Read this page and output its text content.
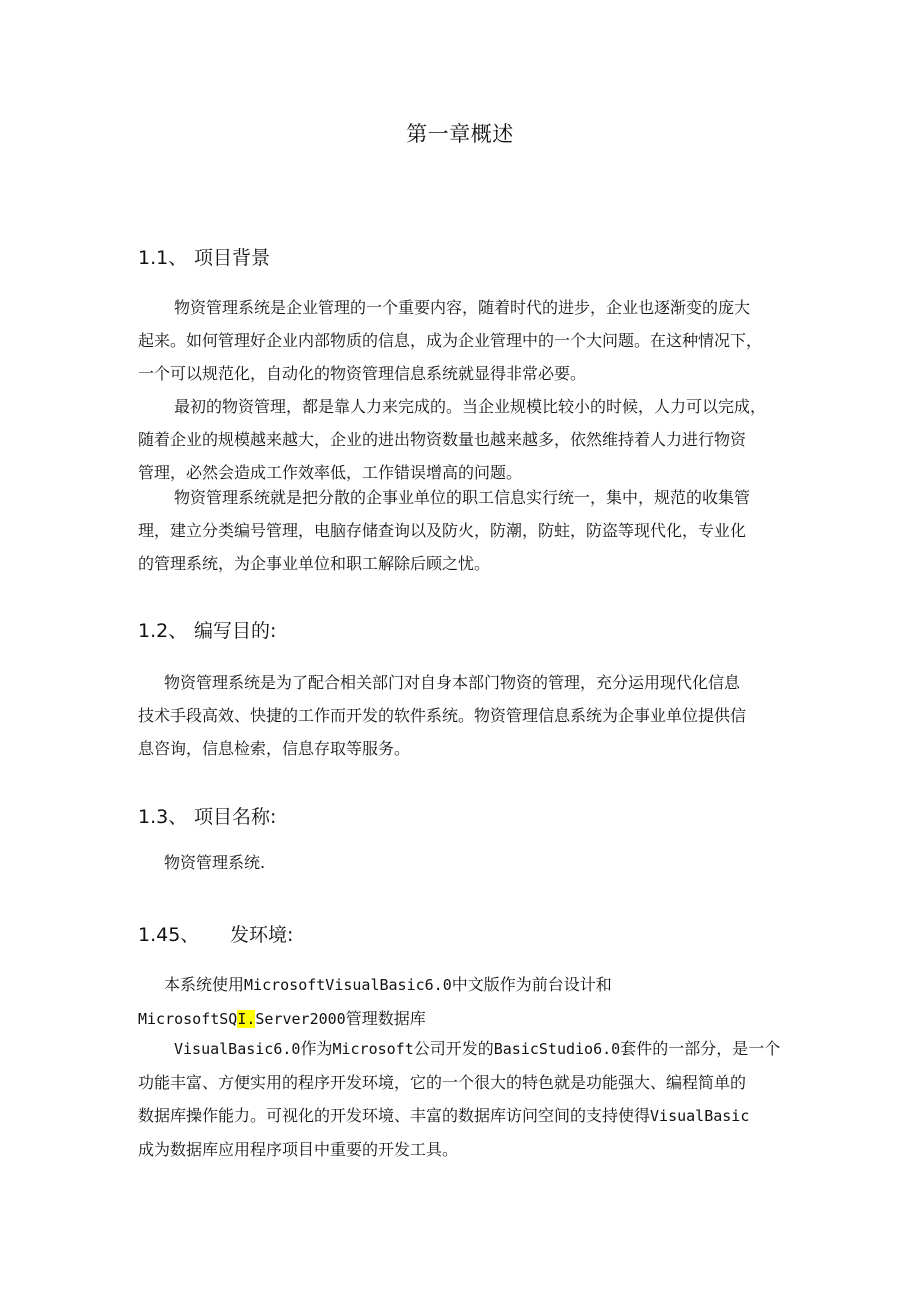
第一章概述
1.1、 项目背景
物资管理系统是企业管理的一个重要内容，随着时代的进步，企业也逐渐变的庞大
起来。如何管理好企业内部物质的信息，成为企业管理中的一个大问题。在这种情况下，
一个可以规范化，自动化的物资管理信息系统就显得非常必要。
最初的物资管理，都是靠人力来完成的。当企业规模比较小的时候，人力可以完成，
随着企业的规模越来越大，企业的进出物资数量也越来越多，依然维持着人力进行物资
管理，必然会造成工作效率低，工作错误增高的问题。
物资管理系统就是把分散的企事业单位的职工信息实行统一，集中，规范的收集管
理，建立分类编号管理，电脑存储查询以及防火，防潮，防蛀，防盗等现代化，专业化
的管理系统，为企事业单位和职工解除后顾之忧。
1.2、 编写目的:
物资管理系统是为了配合相关部门对自身本部门物资的管理，充分运用现代化信息
技术手段高效、快捷的工作而开发的软件系统。物资管理信息系统为企事业单位提供信
息咨询，信息检索，信息存取等服务。
1.3、 项目名称:
物资管理系统.
1.45、	发环境:
本系统使用MicrosoftVisualBasic6.0中文版作为前台设计和
MicrosoftSQI.Server2000管理数据库
VisualBasic6.0作为Microsoft公司开发的BasicStudio6.0套件的一部分，是一个
功能丰富、方便实用的程序开发环境，它的一个很大的特色就是功能强大、编程简单的
数据库操作能力。可视化的开发环境、丰富的数据库访问空间的支持使得VisualBasic
成为数据库应用程序项目中重要的开发工具。
